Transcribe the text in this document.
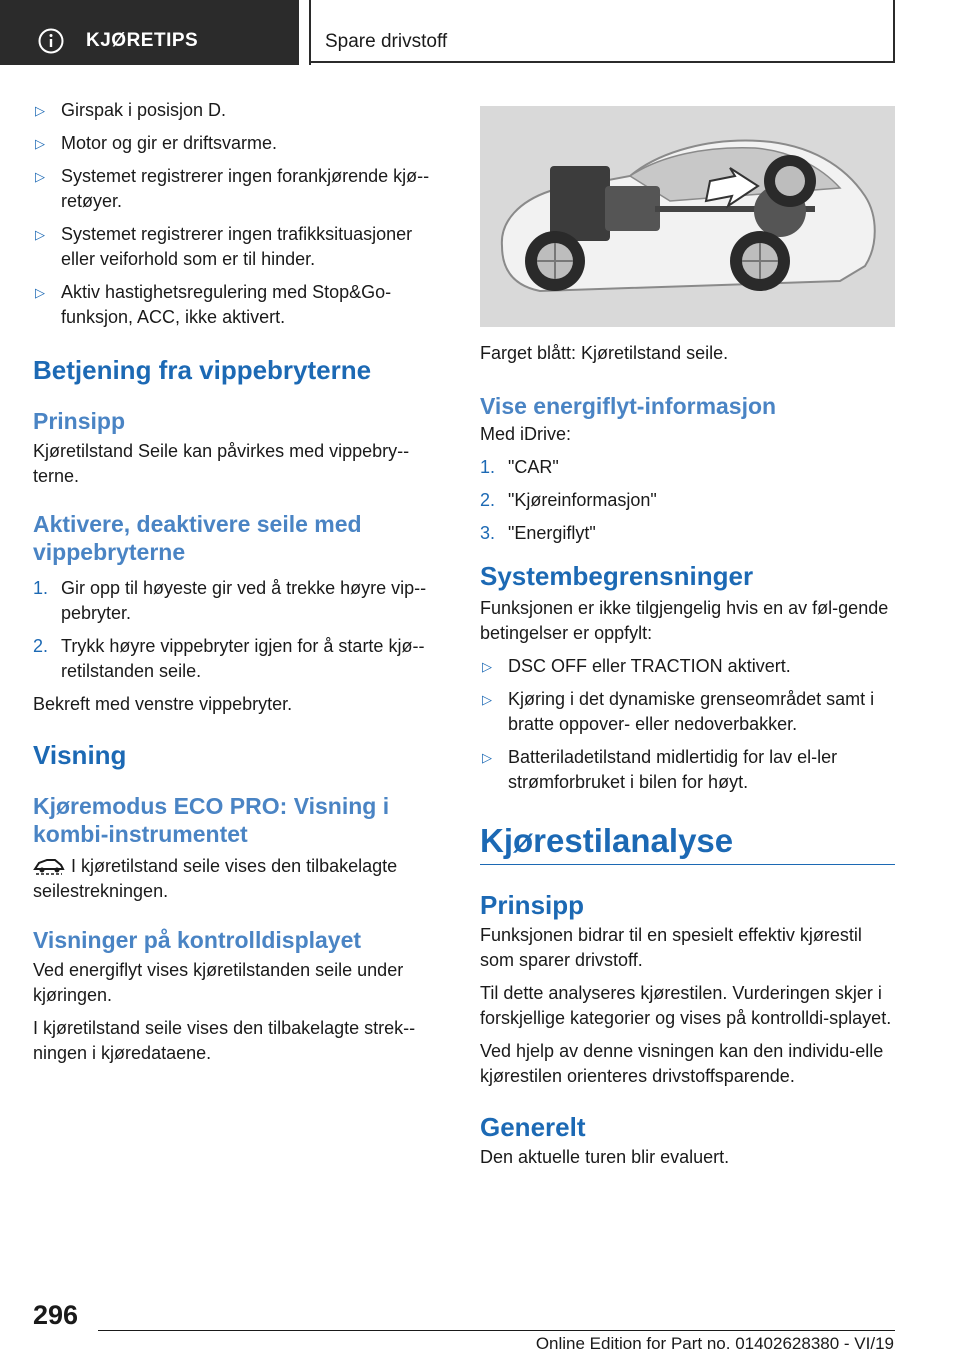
KJØRETIPS	Spare drivstoff
▷ Girspak i posisjon D.
▷ Motor og gir er driftsvarme.
▷ Systemet registrerer ingen forankjørende kjø-retøyer.
▷ Systemet registrerer ingen trafikksituasjoner eller veiforhold som er til hinder.
▷ Aktiv hastighetsregulering med Stop&Go-funksjon, ACC, ikke aktivert.
Betjening fra vippebryterne
Prinsipp

Kjøretilstand Seile kan påvirkes med vippebry-terne.

Aktivere, deaktivere seile med vippebryterne
1. Gir opp til høyeste gir ved å trekke høyre vip-pebryter.
2. Trykk høyre vippebryter igjen for å starte kjø-retilstanden seile.

Bekreft med venstre vippebryter.

Visning
Kjøremodus ECO PRO: Visning i kombi-instrumentet

I kjøretilstand seile vises den tilbakelagte seilestrekningen.

Visninger på kontrolldisplayet

Ved energiflyt vises kjøretilstanden seile under kjøringen.

I kjøretilstand seile vises den tilbakelagte strek-ningen i kjøredataene.

Farget blått: Kjøretilstand seile.

Vise energiflyt-informasjon

Med iDrive:

1. "CAR"
2. "Kjøreinformasjon"
3. "Energiflyt"
Systembegrensninger

Funksjonen er ikke tilgjengelig hvis en av føl-gende betingelser er oppfylt:

▷ DSC OFF eller TRACTION aktivert.
▷ Kjøring i det dynamiske grenseområdet samt i bratte oppover- eller nedoverbakker.
▷ Batteriladetilstand midlertidig for lav el-ler strømforbruket i bilen for høyt.
Kjørestilanalyse
Prinsipp

Funksjonen bidrar til en spesielt effektiv kjørestil som sparer drivstoff.

Til dette analyseres kjørestilen. Vurderingen skjer i forskjellige kategorier og vises på kontrolldi-splayet.

Ved hjelp av denne visningen kan den individu-elle kjørestilen orienteres drivstoffsparende.

Generelt

Den aktuelle turen blir evaluert.

296
Online Edition for Part no. 01402628380 - VI/19
